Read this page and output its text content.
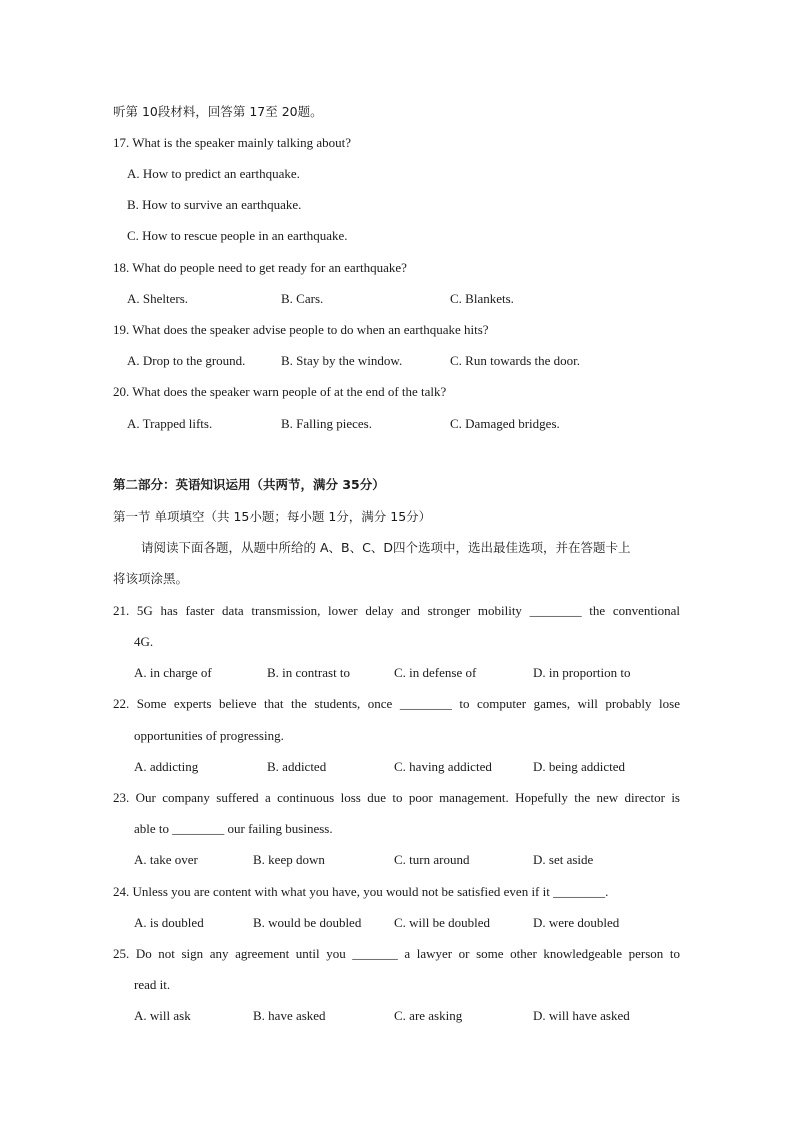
听第 10段材料，回答第 17至 20题。
17. What is the speaker mainly talking about?
A. How to predict an earthquake.
B. How to survive an earthquake.
C. How to rescue people in an earthquake.
18. What do people need to get ready for an earthquake?
A. Shelters.	B. Cars.	C. Blankets.
19. What does the speaker advise people to do when an earthquake hits?
A. Drop to the ground.	B. Stay by the window.	C. Run towards the door.
20. What does the speaker warn people of at the end of the talk?
A. Trapped lifts.	B. Falling pieces.	C. Damaged bridges.
第二部分：英语知识运用（共两节，满分 35分）
第一节 单项填空（共 15小题；每小题 1分，满分 15分）
请阅读下面各题，从题中所给的 A、B、C、D四个选项中，选出最佳选项，并在答题卡上
将该项涂黑。
21. 5G has faster data transmission, lower delay and stronger mobility ________ the conventional
4G.
A. in charge of	B. in contrast to	C. in defense of	D. in proportion to
22. Some experts believe that the students, once ________ to computer games, will probably lose
opportunities of progressing.
A. addicting	B. addicted	C. having addicted	D. being addicted
23. Our company suffered a continuous loss due to poor management. Hopefully the new director is
able to ________ our failing business.
A. take over	B. keep down	C. turn around	D. set aside
24. Unless you are content with what you have, you would not be satisfied even if it ________.
A. is doubled	B. would be doubled	C. will be doubled	D. were doubled
25. Do not sign any agreement until you _______ a lawyer or some other knowledgeable person to
read it.
A. will ask	B. have asked	C. are asking	D. will have asked
